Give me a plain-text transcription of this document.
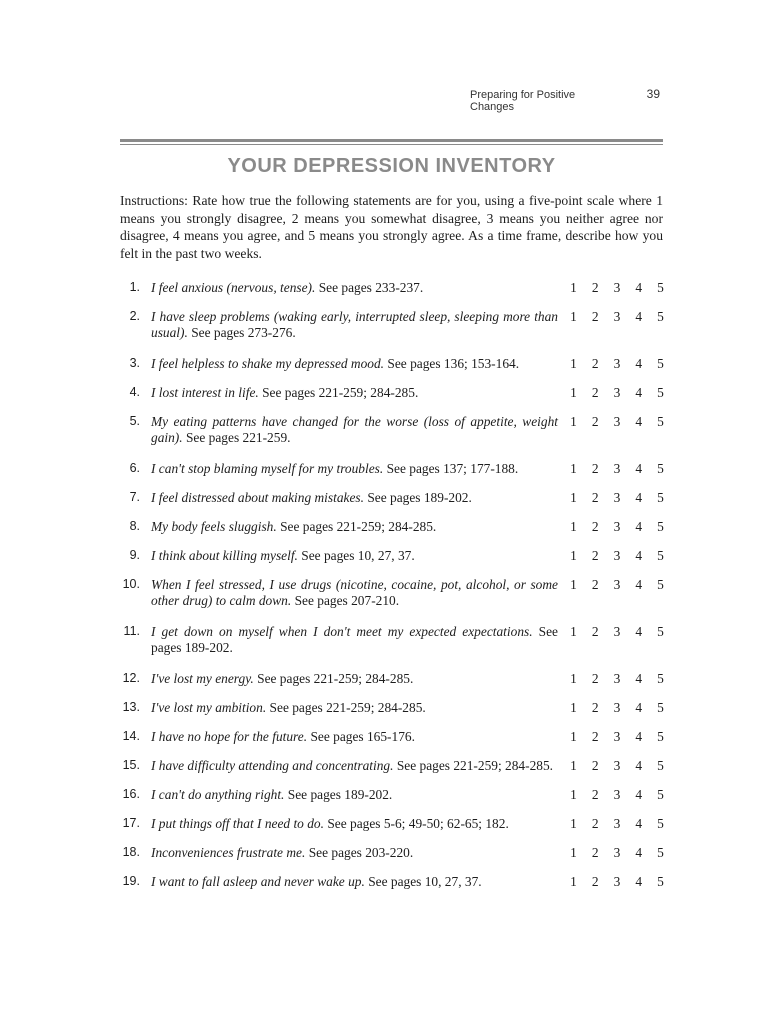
Preparing for Positive Changes
39
YOUR DEPRESSION INVENTORY

Instructions: Rate how true the following statements are for you, using a five-point scale where 1 means you strongly disagree, 2 means you somewhat disagree, 3 means you neither agree nor disagree, 4 means you agree, and 5 means you strongly agree. As a time frame, describe how you felt in the past two weeks.

1. I feel anxious (nervous, tense). See pages 233-237.	1 2 3 4 5
2. I have sleep problems (waking early, interrupted sleep, sleeping more than usual). See pages 273-276.
1 2 3 4 5
3. I feel helpless to shake my depressed mood. See pages 136; 153-164.	1 2 3 4 5
4. I lost interest in life. See pages 221-259; 284-285.	1 2 3 4 5
5. My eating patterns have changed for the worse (loss of appetite, weight gain). See pages 221-259.
1 2 3 4 5
6. I can't stop blaming myself for my troubles. See pages 137; 177-188.	1 2 3 4 5
7. I feel distressed about making mistakes. See pages 189-202.	1 2 3 4 5
8. My body feels sluggish. See pages 221-259; 284-285.	1 2 3 4 5
9. I think about killing myself. See pages 10, 27, 37.	1 2 3 4 5
10. When I feel stressed, I use drugs (nicotine, cocaine, pot, alcohol, or some other drug) to calm down. See pages 207-210.
1 2 3 4 5
11. I get down on myself when I don't meet my expected expectations. See pages 189-202.
1 2 3 4 5
12. I've lost my energy. See pages 221-259; 284-285.	1 2 3 4 5
13. I've lost my ambition. See pages 221-259; 284-285.	1 2 3 4 5
14. I have no hope for the future. See pages 165-176.	1 2 3 4 5
15. I have difficulty attending and concentrating. See pages 221-259; 284-285.	1 2 3 4 5
16. I can't do anything right. See pages 189-202.	1 2 3 4 5
17. I put things off that I need to do. See pages 5-6; 49-50; 62-65; 182.	1 2 3 4 5
18. Inconveniences frustrate me. See pages 203-220.	1 2 3 4 5
19. I want to fall asleep and never wake up. See pages 10, 27, 37.	1 2 3 4 5
